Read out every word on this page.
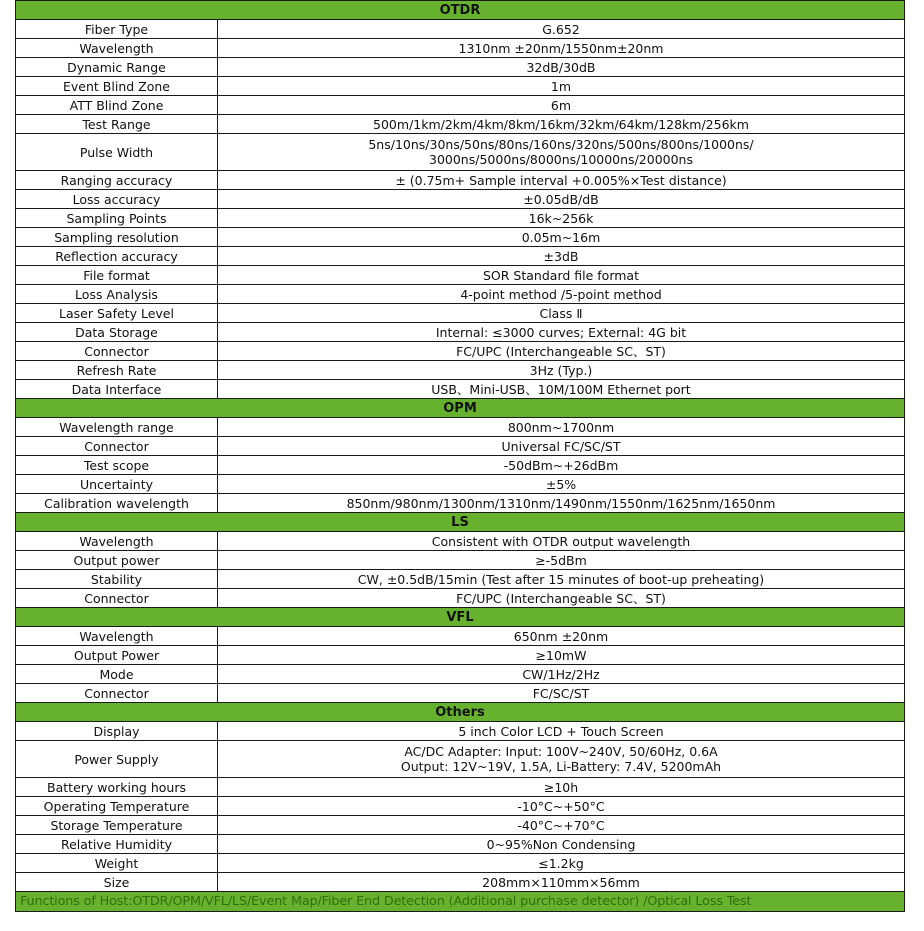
OTDR	
Fiber Type	G.652
Wavelength	1310nm ±20nm/1550nm±20nm
Dynamic Range	32dB/30dB
Event Blind Zone	1m
ATT Blind Zone	6m
Test Range	500m/1km/2km/4km/8km/16km/32km/64km/128km/256km
Pulse Width	5ns/10ns/30ns/50ns/80ns/160ns/320ns/500ns/800ns/1000ns/
3000ns/5000ns/8000ns/10000ns/20000ns
Ranging accuracy	± (0.75m+ Sample interval +0.005%×Test distance)
Loss accuracy	±0.05dB/dB
Sampling Points	16k~256k
Sampling resolution	0.05m~16m
Reflection accuracy	±3dB
File format	SOR Standard file format
Loss Analysis	4-point method /5-point method
Laser Safety Level	Class Ⅱ
Data Storage	Internal: ≤3000 curves; External: 4G bit
Connector	FC/UPC (Interchangeable SC、ST)
Refresh Rate	3Hz (Typ.)
Data Interface	USB、Mini-USB、10M/100M Ethernet port
OPM	
Wavelength range	800nm~1700nm
Connector	Universal FC/SC/ST
Test scope	-50dBm~+26dBm
Uncertainty	±5%
Calibration wavelength	850nm/980nm/1300nm/1310nm/1490nm/1550nm/1625nm/1650nm
LS	
Wavelength	Consistent with OTDR output wavelength
Output power	≥-5dBm
Stability	CW, ±0.5dB/15min (Test after 15 minutes of boot-up preheating)
Connector	FC/UPC (Interchangeable SC、ST)
VFL	
Wavelength	650nm ±20nm
Output Power	≥10mW
Mode	CW/1Hz/2Hz
Connector	FC/SC/ST
Others	
Display	5 inch Color LCD + Touch Screen
Power Supply	AC/DC Adapter: Input: 100V~240V, 50/60Hz, 0.6A
Output: 12V~19V, 1.5A, Li-Battery: 7.4V, 5200mAh
Battery working hours	≥10h
Operating Temperature	-10°C~+50°C
Storage Temperature	-40°C~+70°C
Relative Humidity	0~95%Non Condensing
Weight	≤1.2kg
Size	208mm×110mm×56mm
Functions of Host:OTDR/OPM/VFL/LS/Event Map/Fiber End Detection (Additional purchase detector) /Optical Loss Test	
